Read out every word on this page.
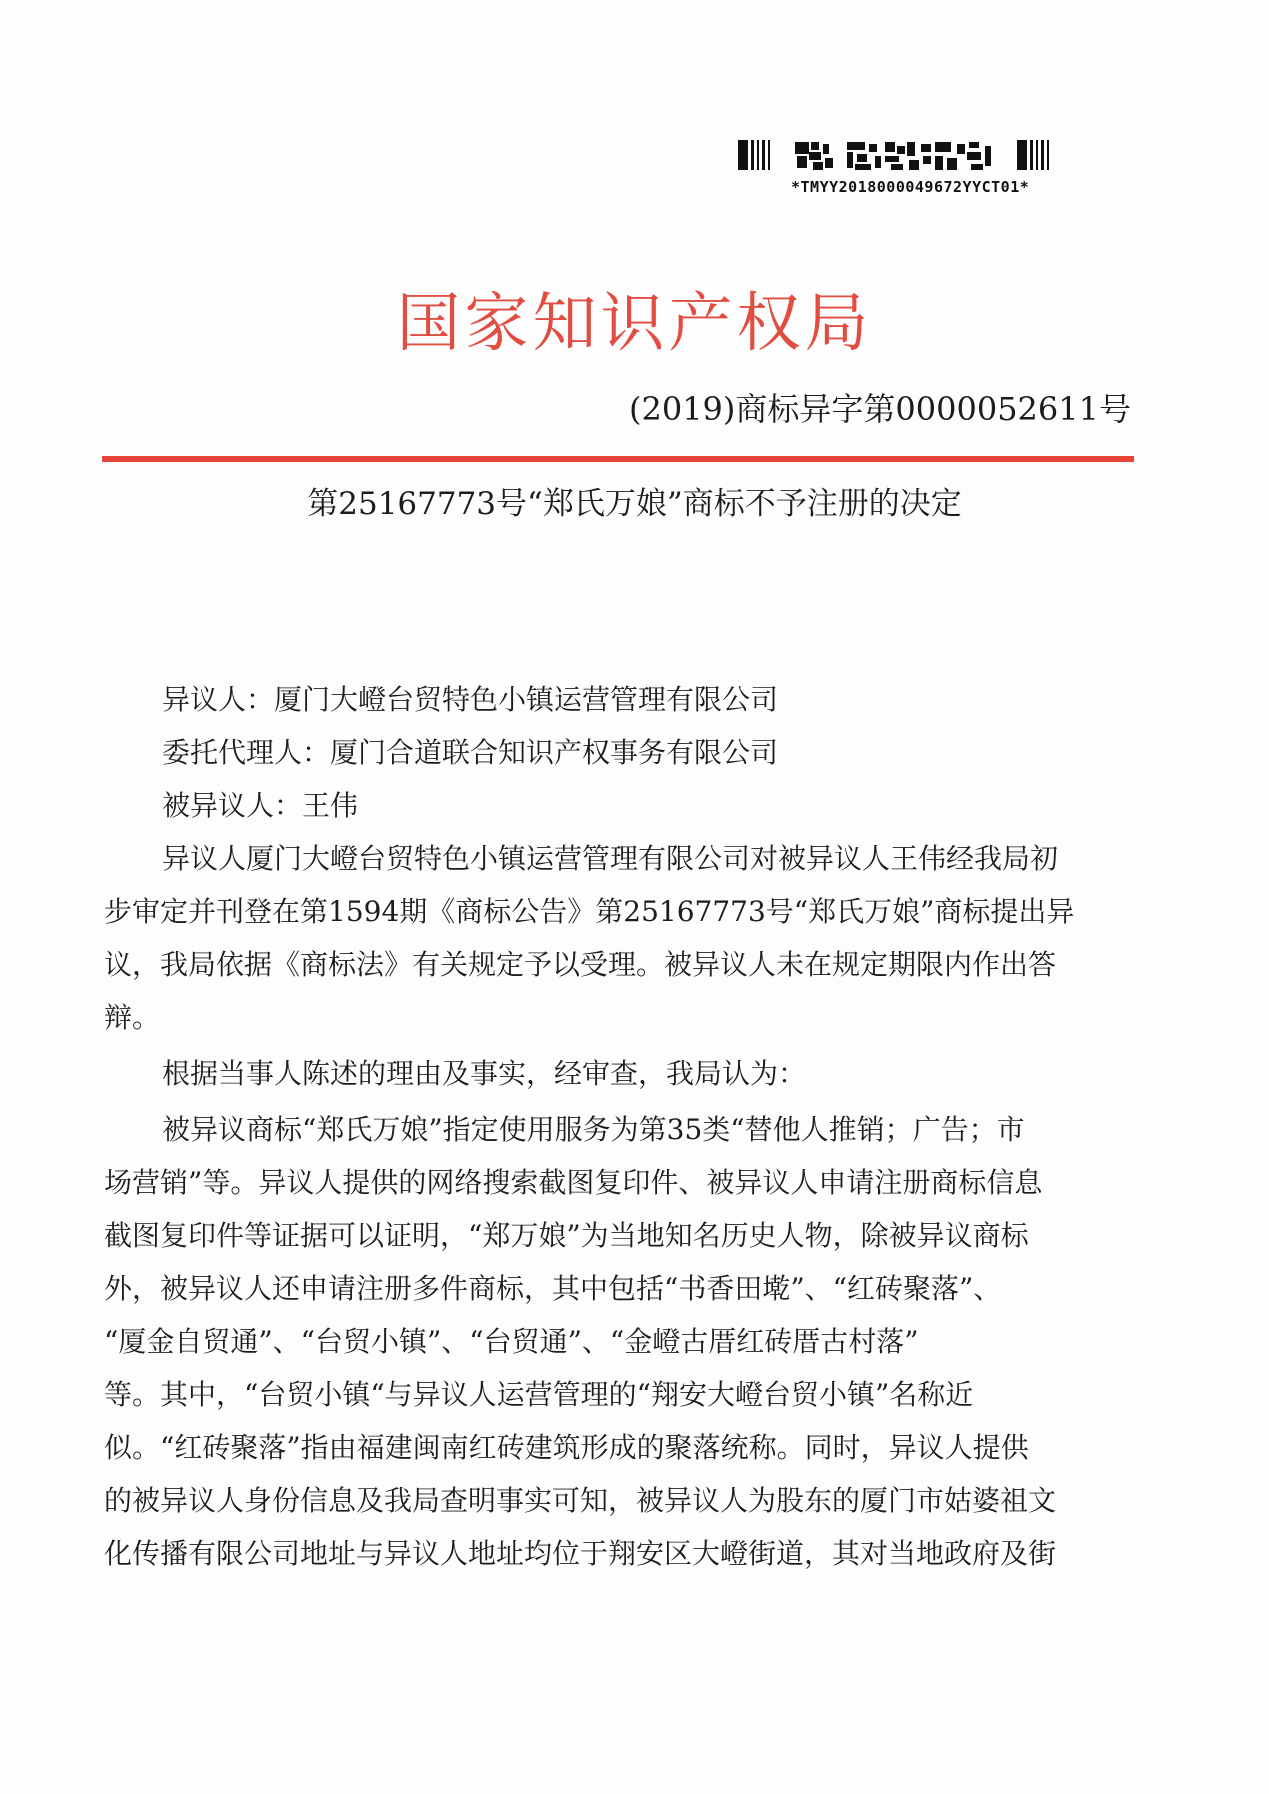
*TMYY2018000049672YYCT01*
国家知识产权局
(2019)商标异字第0000052611号
第25167773号“郑氏万娘”商标不予注册的决定
异议人：厦门大嶝台贸特色小镇运营管理有限公司
委托代理人：厦门合道联合知识产权事务有限公司
被异议人：王伟
异议人厦门大嶝台贸特色小镇运营管理有限公司对被异议人王伟经我局初
步审定并刊登在第1594期《商标公告》第25167773号“郑氏万娘”商标提出异
议，我局依据《商标法》有关规定予以受理。被异议人未在规定期限内作出答
辩。
根据当事人陈述的理由及事实，经审查，我局认为：
被异议商标“郑氏万娘”指定使用服务为第35类“替他人推销；广告；市
场营销”等。异议人提供的网络搜索截图复印件、被异议人申请注册商标信息
截图复印件等证据可以证明，“郑万娘”为当地知名历史人物，除被异议商标
外，被异议人还申请注册多件商标，其中包括“书香田墘”、“红砖聚落”、
“厦金自贸通”、“台贸小镇”、“台贸通”、“金嶝古厝红砖厝古村落”
等。其中，“台贸小镇“与异议人运营管理的“翔安大嶝台贸小镇”名称近
似。“红砖聚落”指由福建闽南红砖建筑形成的聚落统称。同时，异议人提供
的被异议人身份信息及我局查明事实可知，被异议人为股东的厦门市姑婆祖文
化传播有限公司地址与异议人地址均位于翔安区大嶝街道，其对当地政府及街
